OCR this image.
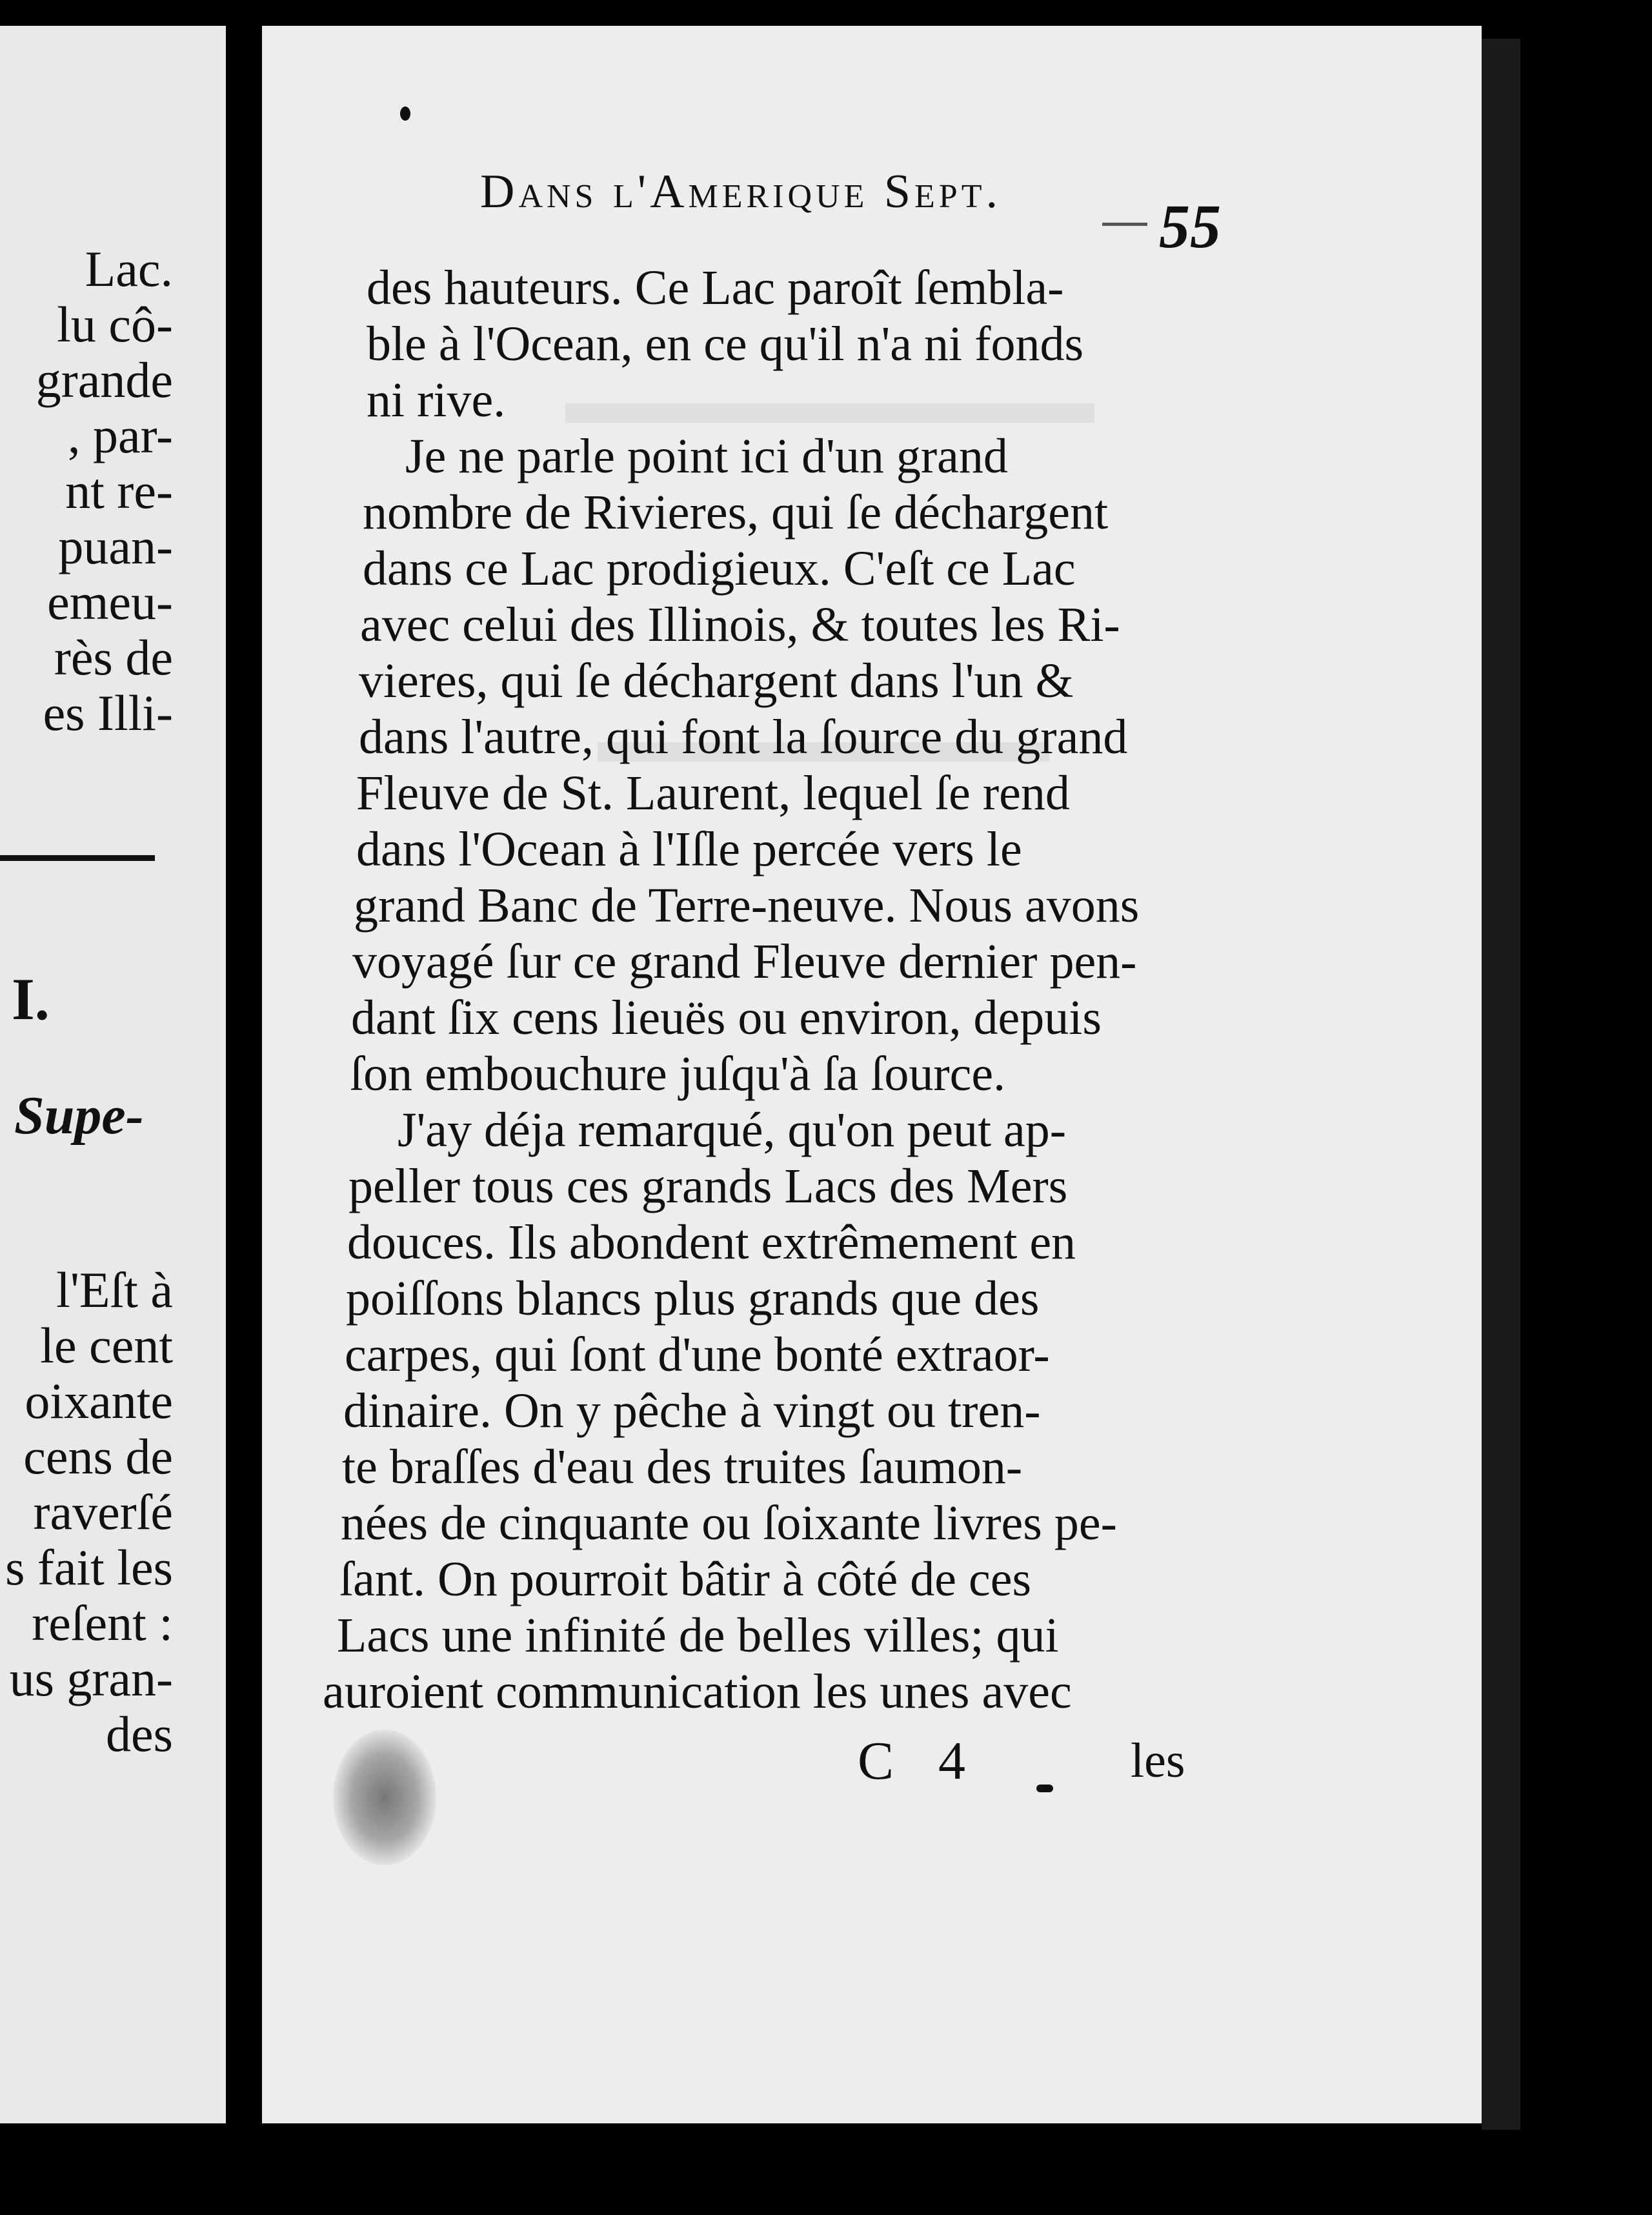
Lac.
lu cô-
grande
, par-
nt re-
puan-
emeu-
rès de
es Illi-
I.
Supe-
l'Eſt à
le cent
oixante
cens de
raverſé
s fait les
reſent :
us gran-
des
Dans l'Amerique Sept.	55
des hauteurs. Ce Lac paroît ſembla-
ble à l'Ocean, en ce qu'il n'a ni fonds
ni rive.
Je ne parle point ici d'un grand
nombre de Rivieres, qui ſe déchargent
dans ce Lac prodigieux. C'eſt ce Lac
avec celui des Illinois, & toutes les Ri-
vieres, qui ſe déchargent dans l'un &
dans l'autre, qui font la ſource du grand
Fleuve de St. Laurent, lequel ſe rend
dans l'Ocean à l'Iſle percée vers le
grand Banc de Terre-neuve. Nous avons
voyagé ſur ce grand Fleuve dernier pen-
dant ſix cens lieuës ou environ, depuis
ſon embouchure juſqu'à ſa ſource.
J'ay déja remarqué, qu'on peut ap-
peller tous ces grands Lacs des Mers
douces. Ils abondent extrêmement en
poiſſons blancs plus grands que des
carpes, qui ſont d'une bonté extraor-
dinaire. On y pêche à vingt ou tren-
te braſſes d'eau des truites ſaumon-
nées de cinquante ou ſoixante livres pe-
ſant. On pourroit bâtir à côté de ces
Lacs une infinité de belles villes; qui
auroient communication les unes avec
C 4	les
